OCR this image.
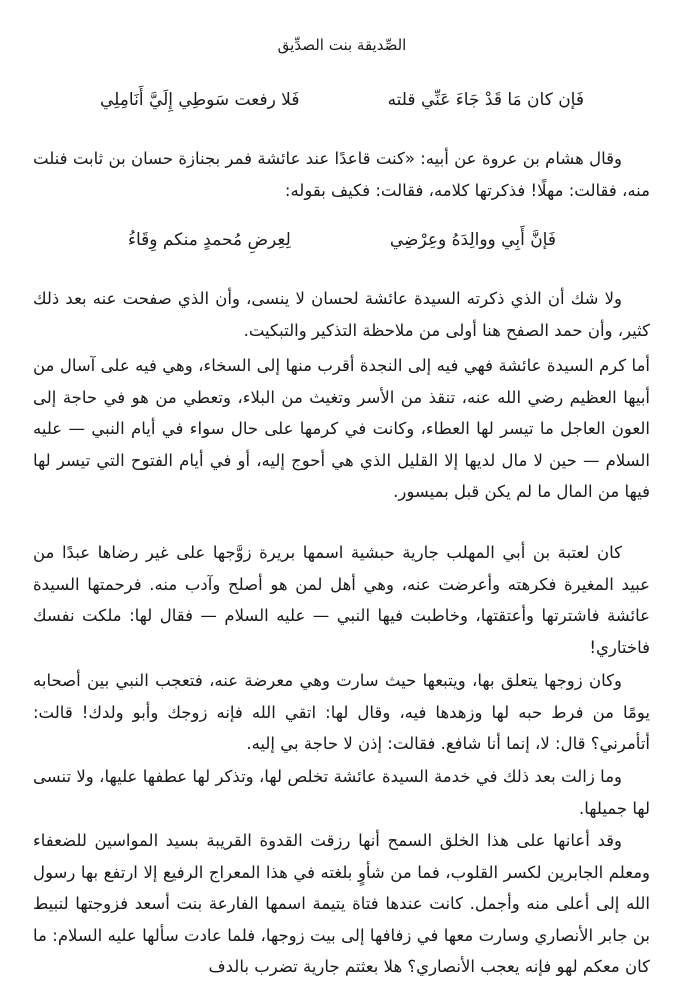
الصِّديقة بنت الصدِّيق
فَإن كان مَا قَدْ جَاءَ عَنِّي قلته
فَلا رفعت سَوطِي إِلَيَّ أَنَامِلِي

وقال هشام بن عروة عن أبيه: «كنت قاعدًا عند عائشة فمر بجنازة حسان بن ثابت فنلت منه، فقالت: مهلًا! فذكرتها كلامه، فقالت: فكيف بقوله:

فَإنَّ أَبِي ووالِدَهُ وعِرْضِي
لِعِرضِ مُحمدٍ منكم وِقَاءُ

ولا شك أن الذي ذكرته السيدة عائشة لحسان لا ينسى، وأن الذي صفحت عنه بعد ذلك كثير، وأن حمد الصفح هنا أولى من ملاحظة التذكير والتبكيت.

أما كرم السيدة عائشة فهي فيه إلى النجدة أقرب منها إلى السخاء، وهي فيه على آسال من أبيها العظيم رضي الله عنه، تنقذ من الأسر وتغيث من البلاء، وتعطي من هو في حاجة إلى العون العاجل ما تيسر لها العطاء، وكانت في كرمها على حال سواء في أيام النبي — عليه السلام — حين لا مال لديها إلا القليل الذي هي أحوج إليه، أو في أيام الفتوح التي تيسر لها فيها من المال ما لم يكن قبل بميسور.

كان لعتبة بن أبي المهلب جارية حبشية اسمها بريرة زوَّجها على غير رضاها عبدًا من عبيد المغيرة فكرهته وأعرضت عنه، وهي أهل لمن هو أصلح وآدب منه. فرحمتها السيدة عائشة فاشترتها وأعتقتها، وخاطبت فيها النبي — عليه السلام — فقال لها: ملكت نفسك فاختاري!

وكان زوجها يتعلق بها، ويتبعها حيث سارت وهي معرضة عنه، فتعجب النبي بين أصحابه يومًا من فرط حبه لها وزهدها فيه، وقال لها: اتقي الله فإنه زوجك وأبو ولدك! قالت: أتأمرني؟ قال: لا، إنما أنا شافع. فقالت: إذن لا حاجة بي إليه.

وما زالت بعد ذلك في خدمة السيدة عائشة تخلص لها، وتذكر لها عطفها عليها، ولا تنسى لها جميلها.

وقد أعانها على هذا الخلق السمح أنها رزقت القدوة القريبة بسيد المواسين للضعفاء ومعلم الجابرين لكسر القلوب، فما من شأوٍ بلغته في هذا المعراج الرفيع إلا ارتفع بها رسول الله إلى أعلى منه وأجمل. كانت عندها فتاة يتيمة اسمها الفارعة بنت أسعد فزوجتها لنبيط بن جابر الأنصاري وسارت معها في زفافها إلى بيت زوجها، فلما عادت سألها عليه السلام: ما كان معكم لهو فإنه يعجب الأنصاري؟ هلا بعثتم جارية تضرب بالدف
